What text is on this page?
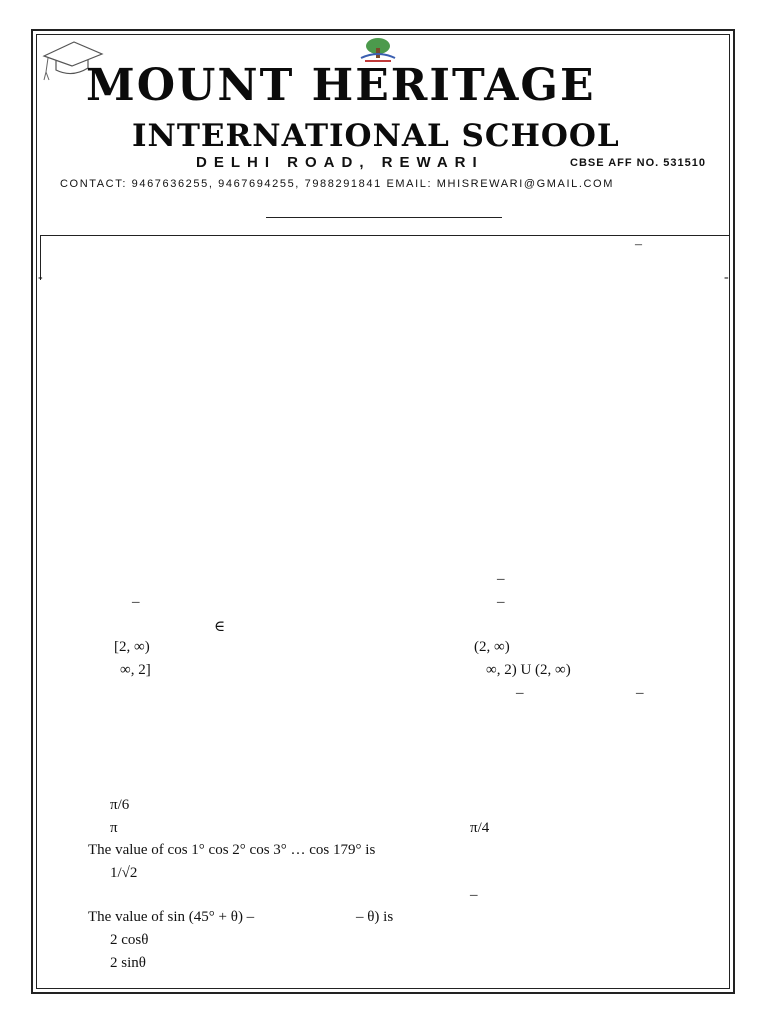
MOUNT HERITAGE
INTERNATIONAL SCHOOL
DELHI ROAD, REWARI	CBSE AFF NO. 531510
CONTACT: 9467636255, 9467694255, 7988291841 EMAIL: MHISREWARI@GMAIL.COM
–
-	-
–
–	–
∈
[2, ∞)	(2, ∞)
∞, 2]	∞, 2) U (2, ∞)
–	–
π/6
π	π/4
The value of cos 1° cos 2° cos 3° … cos 179° is
1/√2
–
The value of sin (45° + θ) –	– θ) is
2 cosθ
2 sinθ
